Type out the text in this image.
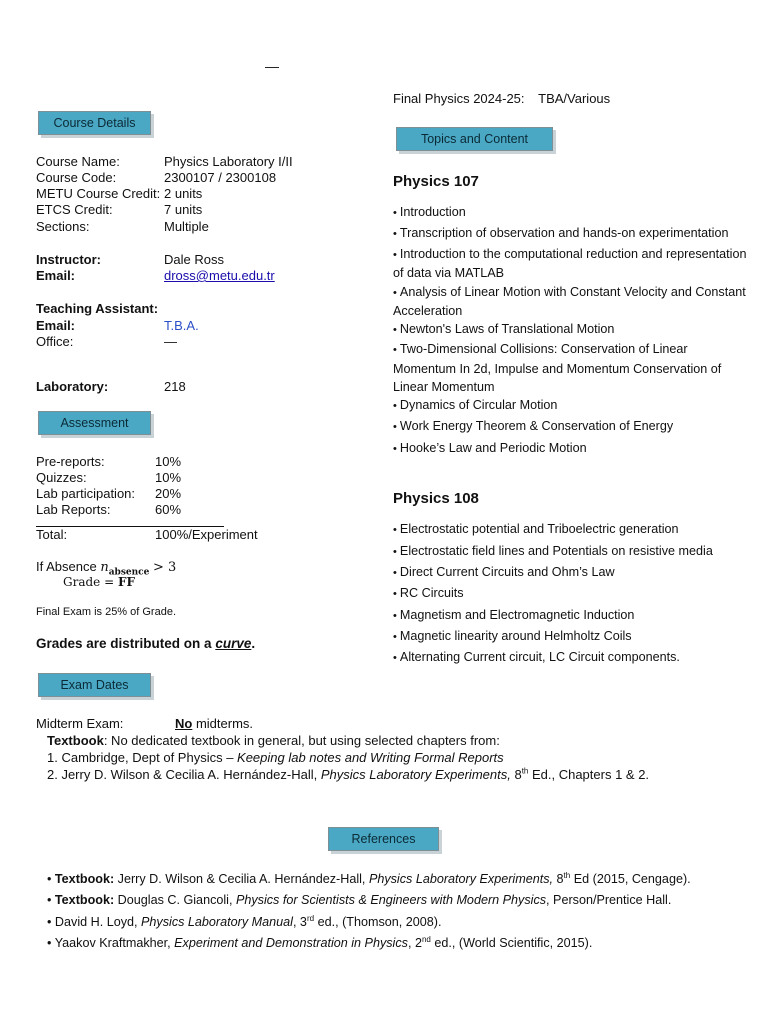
—
Course Details
Course Name:	Physics Laboratory I/II
Course Code:	2300107 / 2300108
METU Course Credit: 2 units
ETCS Credit:	7 units
Sections:	Multiple
Instructor:	Dale Ross
Email:	dross@metu.edu.tr
Teaching Assistant:
Email:	T.B.A.
Office:	—
Laboratory:	218
Assessment
Pre-reports:	10%
Quizzes:	10%
Lab participation: 20%
Lab Reports:	60%
Total:	100%/Experiment
If Absence $n_{absence} > 3$
Grade = FF
Final Exam is 25% of Grade.
Grades are distributed on a curve.
Exam Dates
Midterm Exam:	No midterms.
Textbook: No dedicated textbook in general, but using selected chapters from:
1. Cambridge, Dept of Physics – Keeping lab notes and Writing Formal Reports
2. Jerry D. Wilson & Cecilia A. Hernández-Hall, Physics Laboratory Experiments, 8th Ed., Chapters 1 & 2.
Final Physics 2024-25: TBA/Various
Topics and Content
Physics 107
• Introduction
• Transcription of observation and hands-on experimentation
• Introduction to the computational reduction and representation of data via MATLAB
• Analysis of Linear Motion with Constant Velocity and Constant Acceleration
• Newton's Laws of Translational Motion
• Two-Dimensional Collisions: Conservation of Linear Momentum In 2d, Impulse and Momentum Conservation of Linear Momentum
• Dynamics of Circular Motion
• Work Energy Theorem & Conservation of Energy
• Hooke’s Law and Periodic Motion
Physics 108
• Electrostatic potential and Triboelectric generation
• Electrostatic field lines and Potentials on resistive media
• Direct Current Circuits and Ohm’s Law
• RC Circuits
• Magnetism and Electromagnetic Induction
• Magnetic linearity around Helmholtz Coils
• Alternating Current circuit, LC Circuit components.
References
• Textbook: Jerry D. Wilson & Cecilia A. Hernández-Hall, Physics Laboratory Experiments, 8th Ed (2015, Cengage).
• Textbook: Douglas C. Giancoli, Physics for Scientists & Engineers with Modern Physics, Person/Prentice Hall.
• David H. Loyd, Physics Laboratory Manual, 3rd ed., (Thomson, 2008).
• Yaakov Kraftmakher, Experiment and Demonstration in Physics, 2nd ed., (World Scientific, 2015).
